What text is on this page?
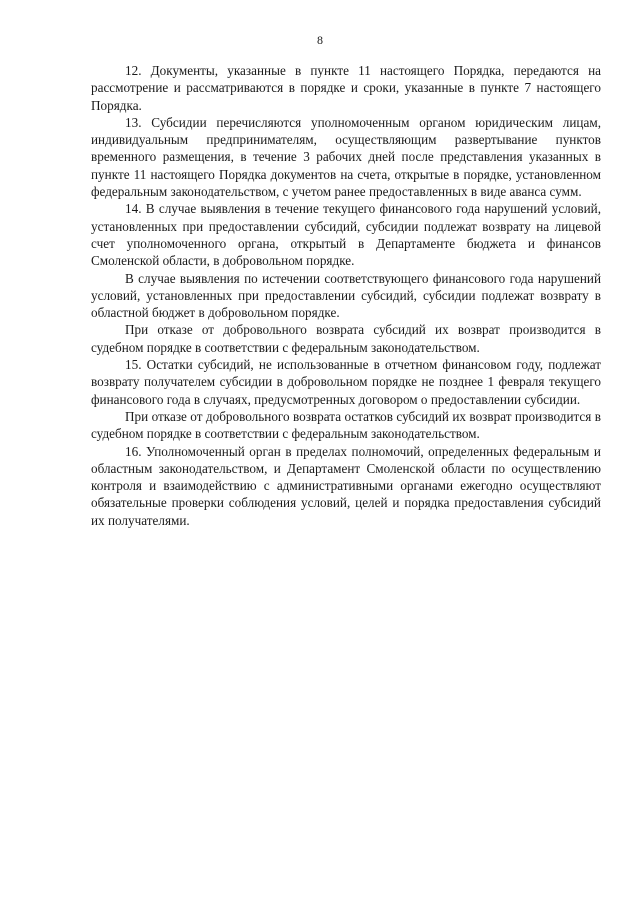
8

12. Документы, указанные в пункте 11 настоящего Порядка, передаются на рассмотрение и рассматриваются в порядке и сроки, указанные в пункте 7 настоящего Порядка.

13. Субсидии перечисляются уполномоченным органом юридическим лицам, индивидуальным предпринимателям, осуществляющим развертывание пунктов временного размещения, в течение 3 рабочих дней после представления указанных в пункте 11 настоящего Порядка документов на счета, открытые в порядке, установленном федеральным законодательством, с учетом ранее предоставленных в виде аванса сумм.

14. В случае выявления в течение текущего финансового года нарушений условий, установленных при предоставлении субсидий, субсидии подлежат возврату на лицевой счет уполномоченного органа, открытый в Департаменте бюджета и финансов Смоленской области, в добровольном порядке.

В случае выявления по истечении соответствующего финансового года нарушений условий, установленных при предоставлении субсидий, субсидии подлежат возврату в областной бюджет в добровольном порядке.

При отказе от добровольного возврата субсидий их возврат производится в судебном порядке в соответствии с федеральным законодательством.

15. Остатки субсидий, не использованные в отчетном финансовом году, подлежат возврату получателем субсидии в добровольном порядке не позднее 1 февраля текущего финансового года в случаях, предусмотренных договором о предоставлении субсидии.

При отказе от добровольного возврата остатков субсидий их возврат производится в судебном порядке в соответствии с федеральным законодательством.

16. Уполномоченный орган в пределах полномочий, определенных федеральным и областным законодательством, и Департамент Смоленской области по осуществлению контроля и взаимодействию с административными органами ежегодно осуществляют обязательные проверки соблюдения условий, целей и порядка предоставления субсидий их получателями.
